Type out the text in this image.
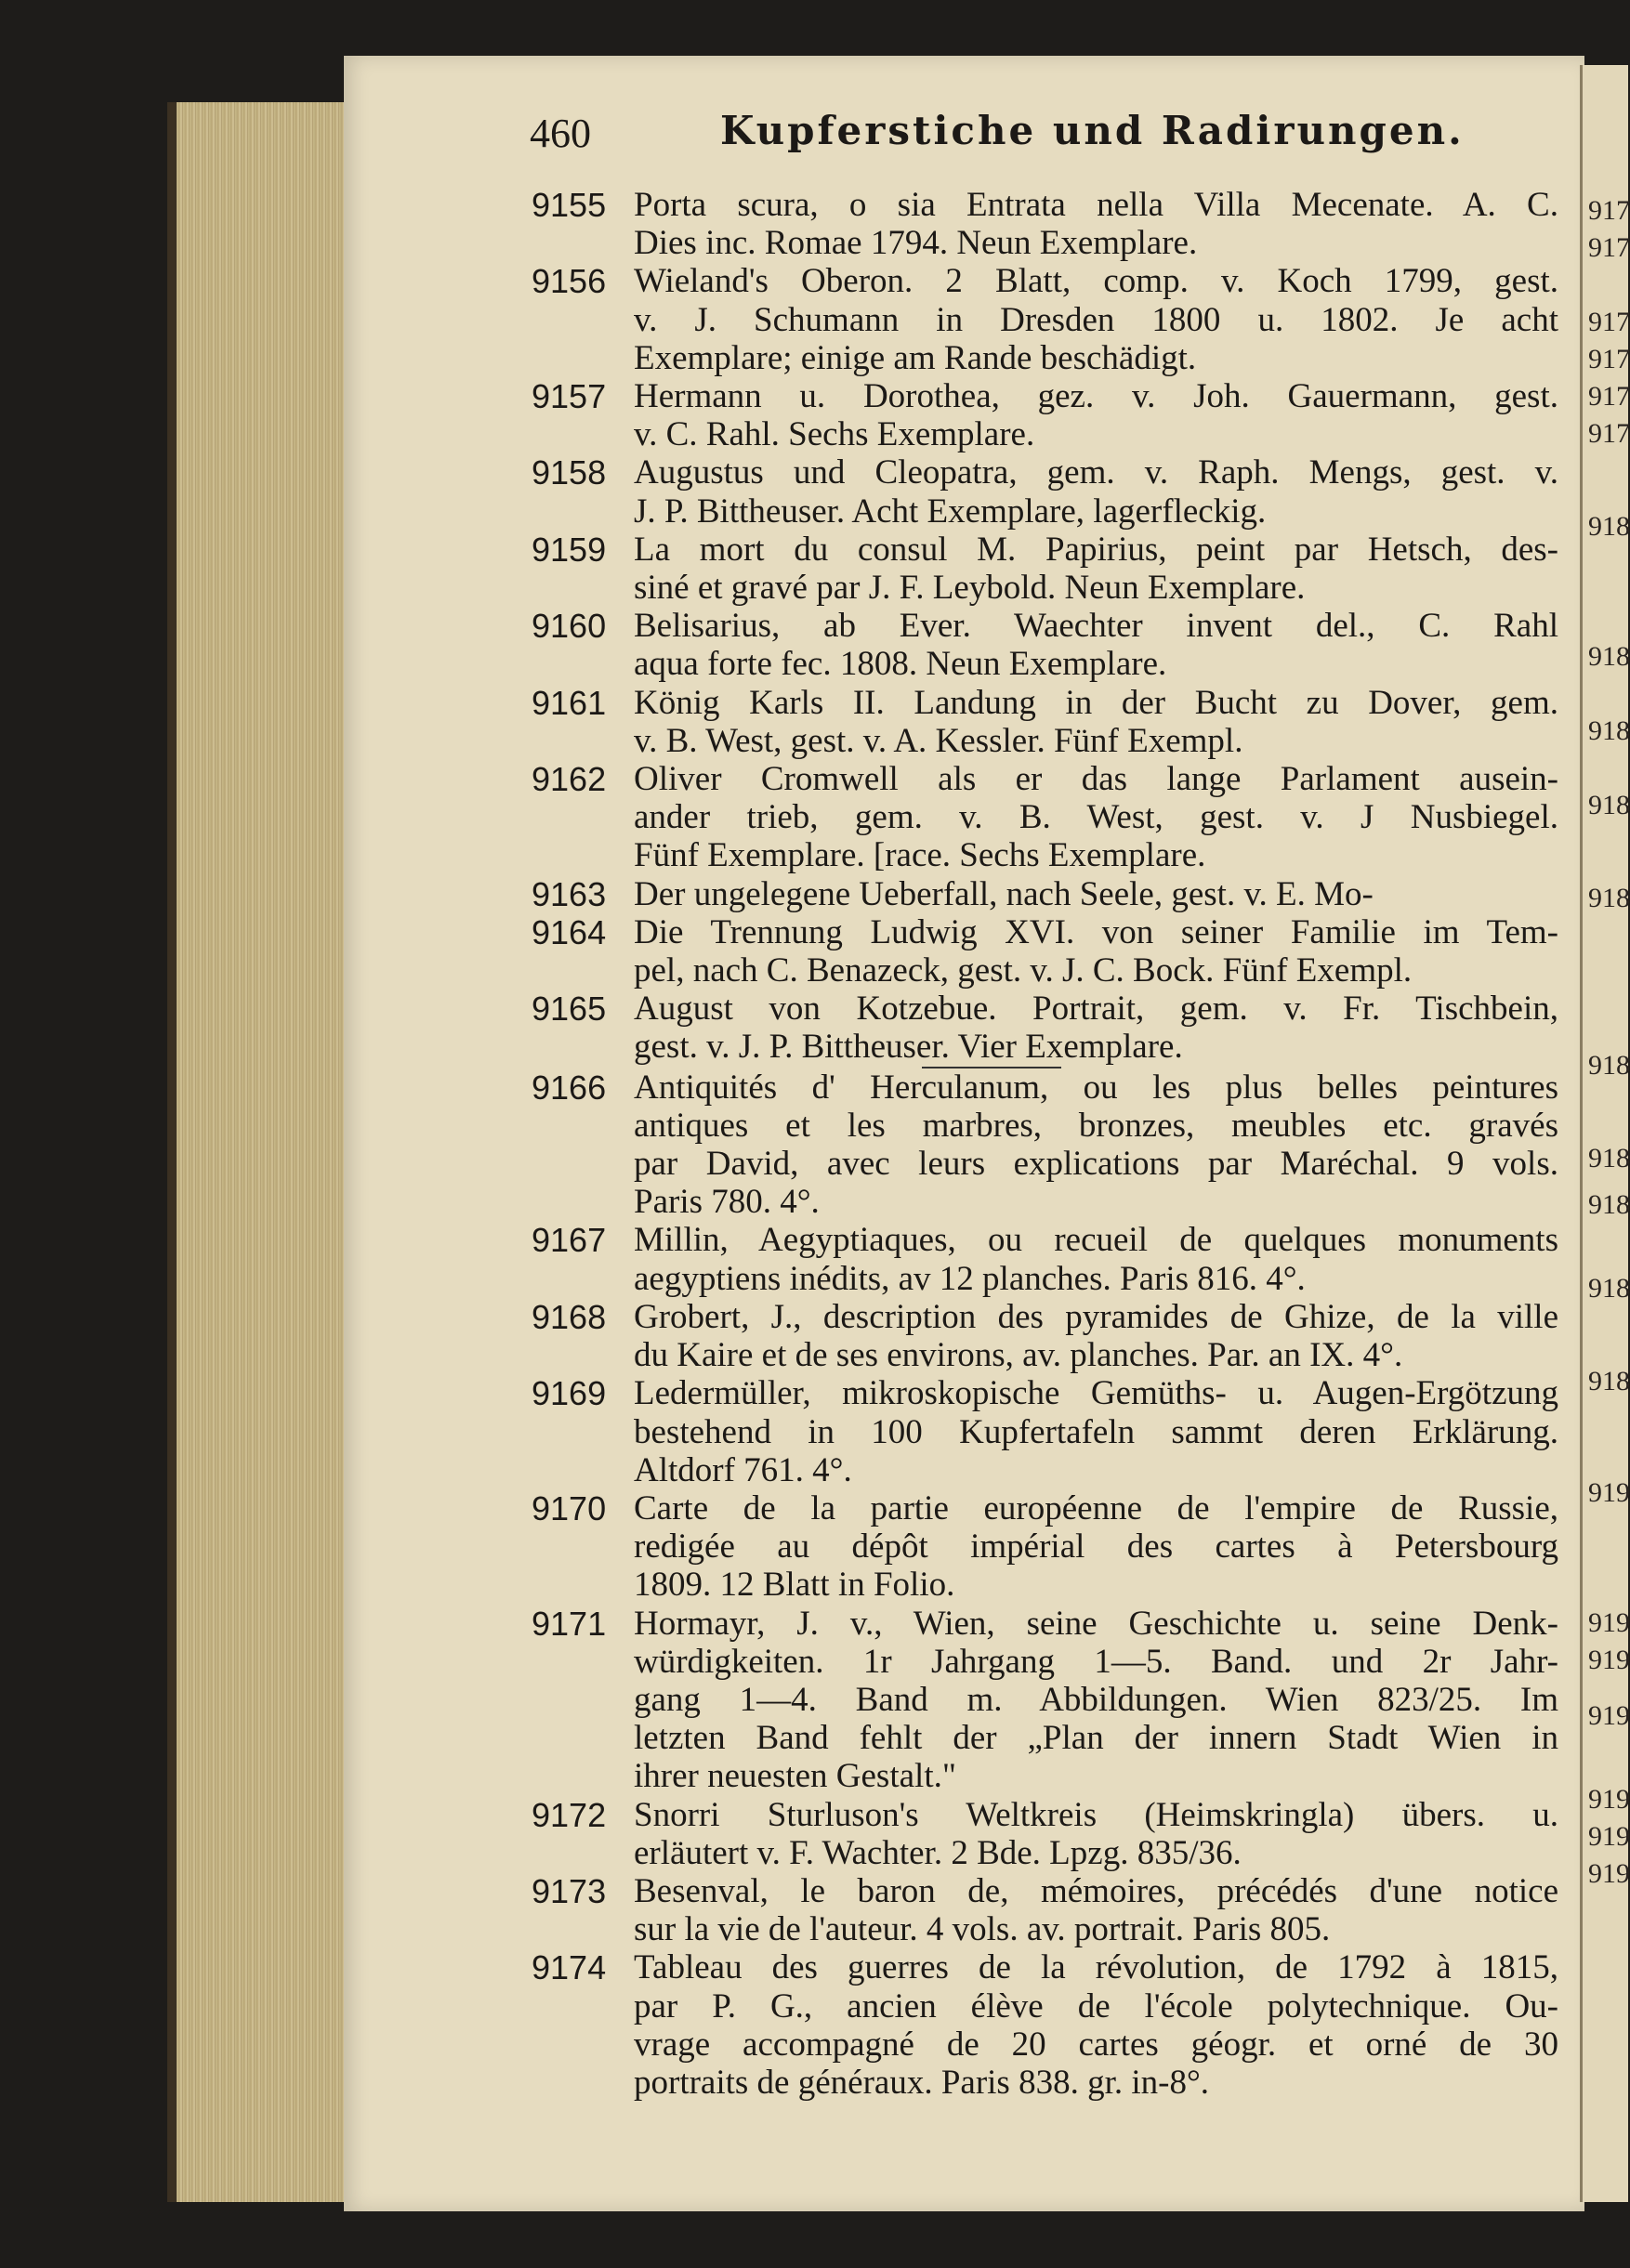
917
917
917
917
917
917
918
918
918
918
918
918
918
918
918
918
919
919
919
919
919
919
919
460	Kupferstiche und Radirungen.
9155 Porta scura, o sia Entrata nella Villa Mecenate. A. C.
Dies inc. Romae 1794. Neun Exemplare.
9156 Wieland's Oberon. 2 Blatt, comp. v. Koch 1799, gest.
v. J. Schumann in Dresden 1800 u. 1802. Je acht
Exemplare; einige am Rande beschädigt.
9157 Hermann u. Dorothea, gez. v. Joh. Gauermann, gest.
v. C. Rahl. Sechs Exemplare.
9158 Augustus und Cleopatra, gem. v. Raph. Mengs, gest. v.
J. P. Bittheuser. Acht Exemplare, lagerfleckig.
9159 La mort du consul M. Papirius, peint par Hetsch, des-
siné et gravé par J. F. Leybold. Neun Exemplare.
9160 Belisarius, ab Ever. Waechter invent del., C. Rahl
aqua forte fec. 1808. Neun Exemplare.
9161 König Karls II. Landung in der Bucht zu Dover, gem.
v. B. West, gest. v. A. Kessler. Fünf Exempl.
9162 Oliver Cromwell als er das lange Parlament ausein-
ander trieb, gem. v. B. West, gest. v. J Nusbiegel.
Fünf Exemplare. [race. Sechs Exemplare.
9163 Der ungelegene Ueberfall, nach Seele, gest. v. E. Mo-
9164 Die Trennung Ludwig XVI. von seiner Familie im Tem-
pel, nach C. Benazeck, gest. v. J. C. Bock. Fünf Exempl.
9165 August von Kotzebue. Portrait, gem. v. Fr. Tischbein,
gest. v. J. P. Bittheuser. Vier Exemplare.
9166 Antiquités d' Herculanum, ou les plus belles peintures
antiques et les marbres, bronzes, meubles etc. gravés
par David, avec leurs explications par Maréchal. 9 vols.
Paris 780. 4°.
9167 Millin, Aegyptiaques, ou recueil de quelques monuments
aegyptiens inédits, av 12 planches. Paris 816. 4°.
9168 Grobert, J., description des pyramides de Ghize, de la ville
du Kaire et de ses environs, av. planches. Par. an IX. 4°.
9169 Ledermüller, mikroskopische Gemüths- u. Augen-Ergötzung
bestehend in 100 Kupfertafeln sammt deren Erklärung.
Altdorf 761. 4°.
9170 Carte de la partie européenne de l'empire de Russie,
redigée au dépôt impérial des cartes à Petersbourg
1809. 12 Blatt in Folio.
9171 Hormayr, J. v., Wien, seine Geschichte u. seine Denk-
würdigkeiten. 1r Jahrgang 1—5. Band. und 2r Jahr-
gang 1—4. Band m. Abbildungen. Wien 823/25. Im
letzten Band fehlt der „Plan der innern Stadt Wien in
ihrer neuesten Gestalt."
9172 Snorri Sturluson's Weltkreis (Heimskringla) übers. u.
erläutert v. F. Wachter. 2 Bde. Lpzg. 835/36.
9173 Besenval, le baron de, mémoires, précédés d'une notice
sur la vie de l'auteur. 4 vols. av. portrait. Paris 805.
9174 Tableau des guerres de la révolution, de 1792 à 1815,
par P. G., ancien élève de l'école polytechnique. Ou-
vrage accompagné de 20 cartes géogr. et orné de 30
portraits de généraux. Paris 838. gr. in-8°.
